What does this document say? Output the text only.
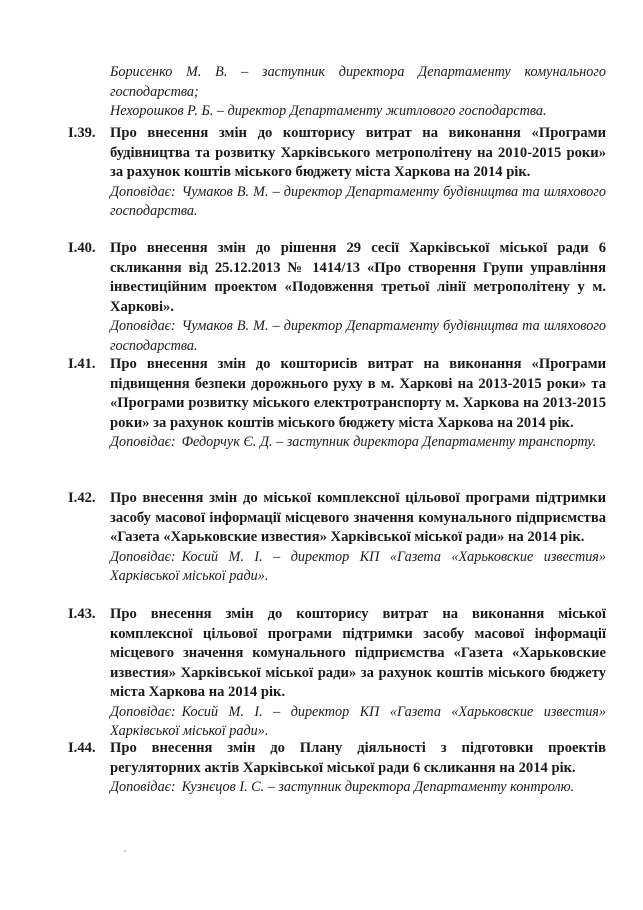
Борисенко М. В. – заступник директора Департаменту комунального господарства;
Нехорошков Р. Б. – директор Департаменту житлового господарства.
І.39. Про внесення змін до кошторису витрат на виконання «Програми будівництва та розвитку Харківського метрополітену на 2010-2015 роки» за рахунок коштів міського бюджету міста Харкова на 2014 рік.
Доповідає: Чумаков В. М. – директор Департаменту будівництва та шляхового господарства.
І.40. Про внесення змін до рішення 29 сесії Харківської міської ради 6 скликання від 25.12.2013 № 1414/13 «Про створення Групи управління інвестиційним проектом «Подовження третьої лінії метрополітену у м. Харкові».
Доповідає: Чумаков В. М. – директор Департаменту будівництва та шляхового господарства.
І.41. Про внесення змін до кошторисів витрат на виконання «Програми підвищення безпеки дорожнього руху в м. Харкові на 2013-2015 роки» та «Програми розвитку міського електротранспорту м. Харкова на 2013-2015 роки» за рахунок коштів міського бюджету міста Харкова на 2014 рік.
Доповідає: Федорчук Є. Д. – заступник директора Департаменту транспорту.
І.42. Про внесення змін до міської комплексної цільової програми підтримки засобу масової інформації місцевого значення комунального підприємства «Газета «Харьковские известия» Харківської міської ради» на 2014 рік.
Доповідає: Косий М. І. – директор КП «Газета «Харьковские известия» Харківської міської ради».
І.43. Про внесення змін до кошторису витрат на виконання міської комплексної цільової програми підтримки засобу масової інформації місцевого значення комунального підприємства «Газета «Харьковские известия» Харківської міської ради» за рахунок коштів міського бюджету міста Харкова на 2014 рік.
Доповідає: Косий М. І. – директор КП «Газета «Харьковские известия» Харківської міської ради».
І.44. Про внесення змін до Плану діяльності з підготовки проектів регуляторних актів Харківської міської ради 6 скликання на 2014 рік.
Доповідає: Кузнєцов І. С. – заступник директора Департаменту контролю.
